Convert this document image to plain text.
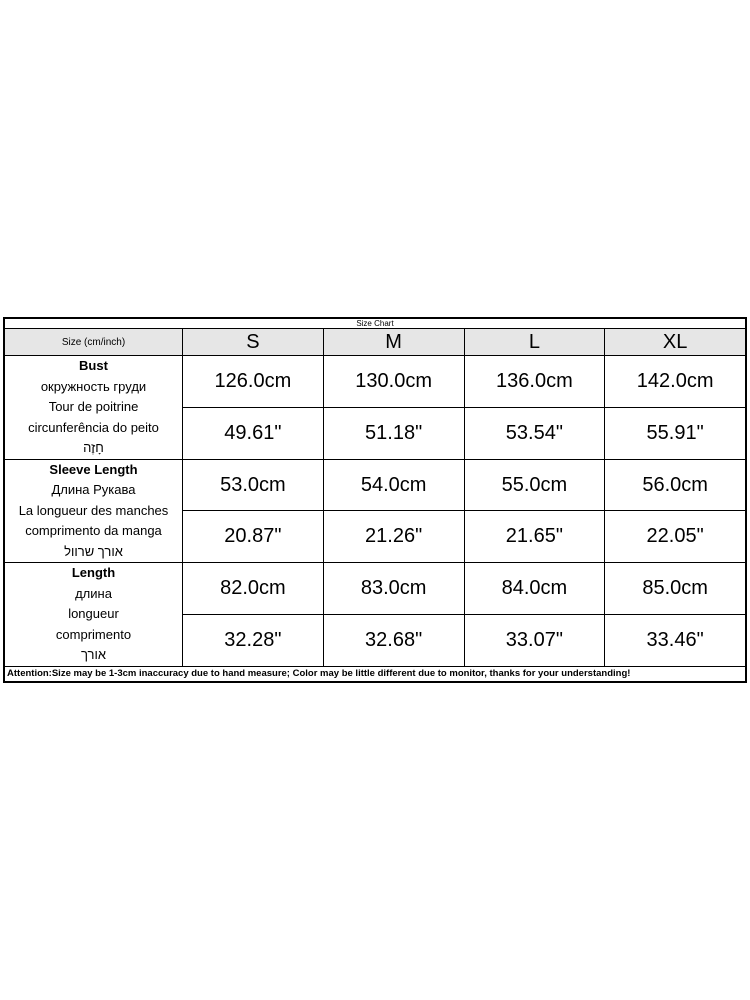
Size Chart				
Size (cm/inch)	S	M	L	XL

Bust
окружность груди
Tour de poitrine
circunferência do peito
חָזֶה	126.0cm	130.0cm	136.0cm	142.0cm
	49.61"	51.18"	53.54"	55.91"

Sleeve Length
Длина Рукава
La longueur des manches
comprimento da manga
אורך שרוול	53.0cm	54.0cm	55.0cm	56.0cm
	20.87"	21.26"	21.65"	22.05"

Length
длина
longueur
comprimento
אורך	82.0cm	83.0cm	84.0cm	85.0cm
	32.28"	32.68"	33.07"	33.46"
Attention:Size may be 1-3cm inaccuracy due to hand measure; Color may be little different due to monitor, thanks for your understanding!				
